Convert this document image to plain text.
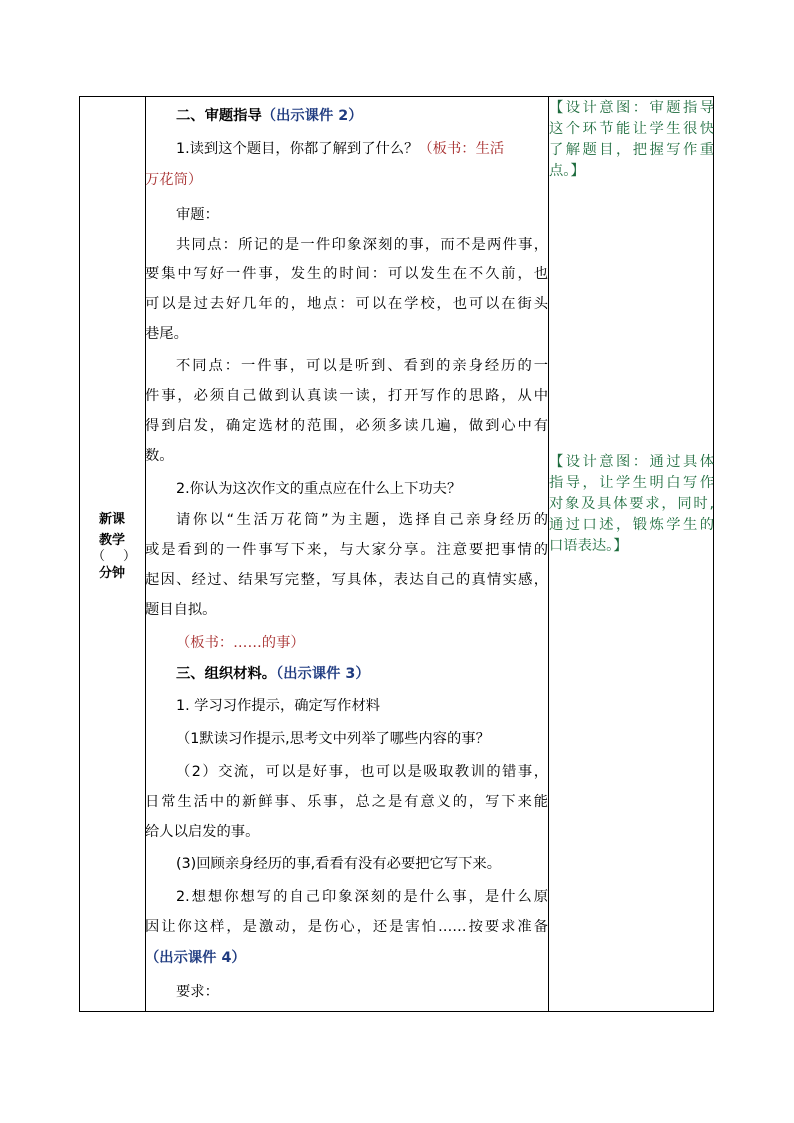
新课
教学
（ ）
分钟
二、审题指导（出示课件 2）
1.读到这个题目，你都了解到了什么？（板书：生活
万花筒）
审题：
共同点：所记的是一件印象深刻的事，而不是两件事，
要集中写好一件事，发生的时间：可以发生在不久前，也
可以是过去好几年的，地点：可以在学校，也可以在街头
巷尾。
不同点：一件事，可以是听到、看到的亲身经历的一
件事，必须自己做到认真读一读，打开写作的思路，从中
得到启发，确定选材的范围，必须多读几遍，做到心中有
数。
2.你认为这次作文的重点应在什么上下功夫？
请你以“生活万花筒”为主题，选择自己亲身经历的
或是看到的一件事写下来，与大家分享。注意要把事情的
起因、经过、结果写完整，写具体，表达自己的真情实感，
题目自拟。
（板书：……的事）
三、组织材料。（出示课件 3）
1. 学习习作提示，确定写作材料
（1默读习作提示,思考文中列举了哪些内容的事？
（2）交流，可以是好事，也可以是吸取教训的错事，
日常生活中的新鲜事、乐事，总之是有意义的，写下来能
给人以启发的事。
(3)回顾亲身经历的事,看看有没有必要把它写下来。
2.想想你想写的自己印象深刻的是什么事，是什么原
因让你这样，是激动，是伤心，还是害怕……按要求准备
（出示课件 4）
要求：
【设计意图：审题指导
这个环节能让学生很快
了解题目，把握写作重
点。】
【设计意图：通过具体
指导，让学生明白写作
对象及具体要求，同时,
通过口述，锻炼学生的
口语表达。】
